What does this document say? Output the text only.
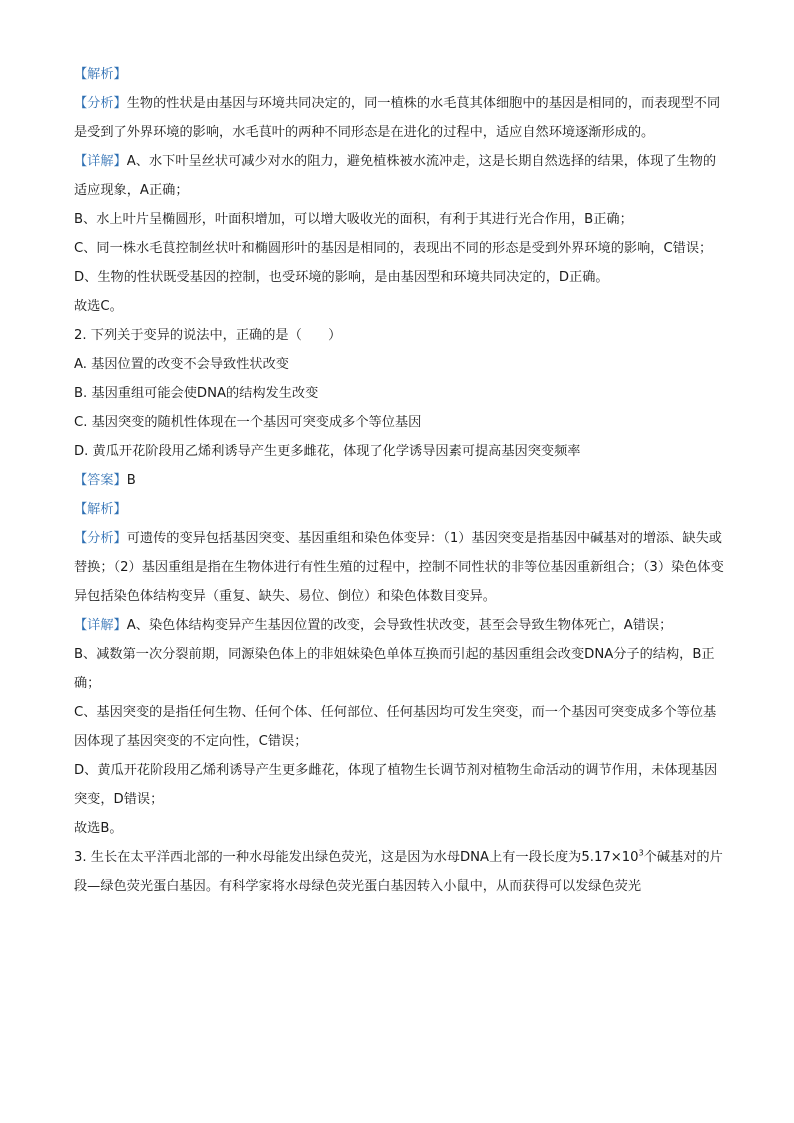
【解析】

【分析】生物的性状是由基因与环境共同决定的，同一植株的水毛茛其体细胞中的基因是相同的，而表现型不同是受到了外界环境的影响，水毛茛叶的两种不同形态是在进化的过程中，适应自然环境逐渐形成的。

【详解】A、水下叶呈丝状可减少对水的阻力，避免植株被水流冲走，这是长期自然选择的结果，体现了生物的适应现象，A正确；

B、水上叶片呈椭圆形，叶面积增加，可以增大吸收光的面积，有利于其进行光合作用，B正确；

C、同一株水毛茛控制丝状叶和椭圆形叶的基因是相同的，表现出不同的形态是受到外界环境的影响，C错误；

D、生物的性状既受基因的控制，也受环境的影响，是由基因型和环境共同决定的，D正确。

故选C。

2. 下列关于变异的说法中，正确的是（　　）

A. 基因位置的改变不会导致性状改变

B. 基因重组可能会使DNA的结构发生改变

C. 基因突变的随机性体现在一个基因可突变成多个等位基因

D. 黄瓜开花阶段用乙烯利诱导产生更多雌花，体现了化学诱导因素可提高基因突变频率

【答案】B

【解析】

【分析】可遗传的变异包括基因突变、基因重组和染色体变异：（1）基因突变是指基因中碱基对的增添、缺失或替换；（2）基因重组是指在生物体进行有性生殖的过程中，控制不同性状的非等位基因重新组合；（3）染色体变异包括染色体结构变异（重复、缺失、易位、倒位）和染色体数目变异。

【详解】A、染色体结构变异产生基因位置的改变，会导致性状改变，甚至会导致生物体死亡，A错误；

B、减数第一次分裂前期，同源染色体上的非姐妹染色单体互换而引起的基因重组会改变DNA分子的结构，B正确；

C、基因突变的是指任何生物、任何个体、任何部位、任何基因均可发生突变，而一个基因可突变成多个等位基因体现了基因突变的不定向性，C错误；

D、黄瓜开花阶段用乙烯利诱导产生更多雌花，体现了植物生长调节剂对植物生命活动的调节作用，未体现基因突变，D错误；

故选B。

3. 生长在太平洋西北部的一种水母能发出绿色荧光，这是因为水母DNA上有一段长度为$5.17\times 10^3$个碱基对的片段—绿色荧光蛋白基因。有科学家将水母绿色荧光蛋白基因转入小鼠中，从而获得可以发绿色荧光
